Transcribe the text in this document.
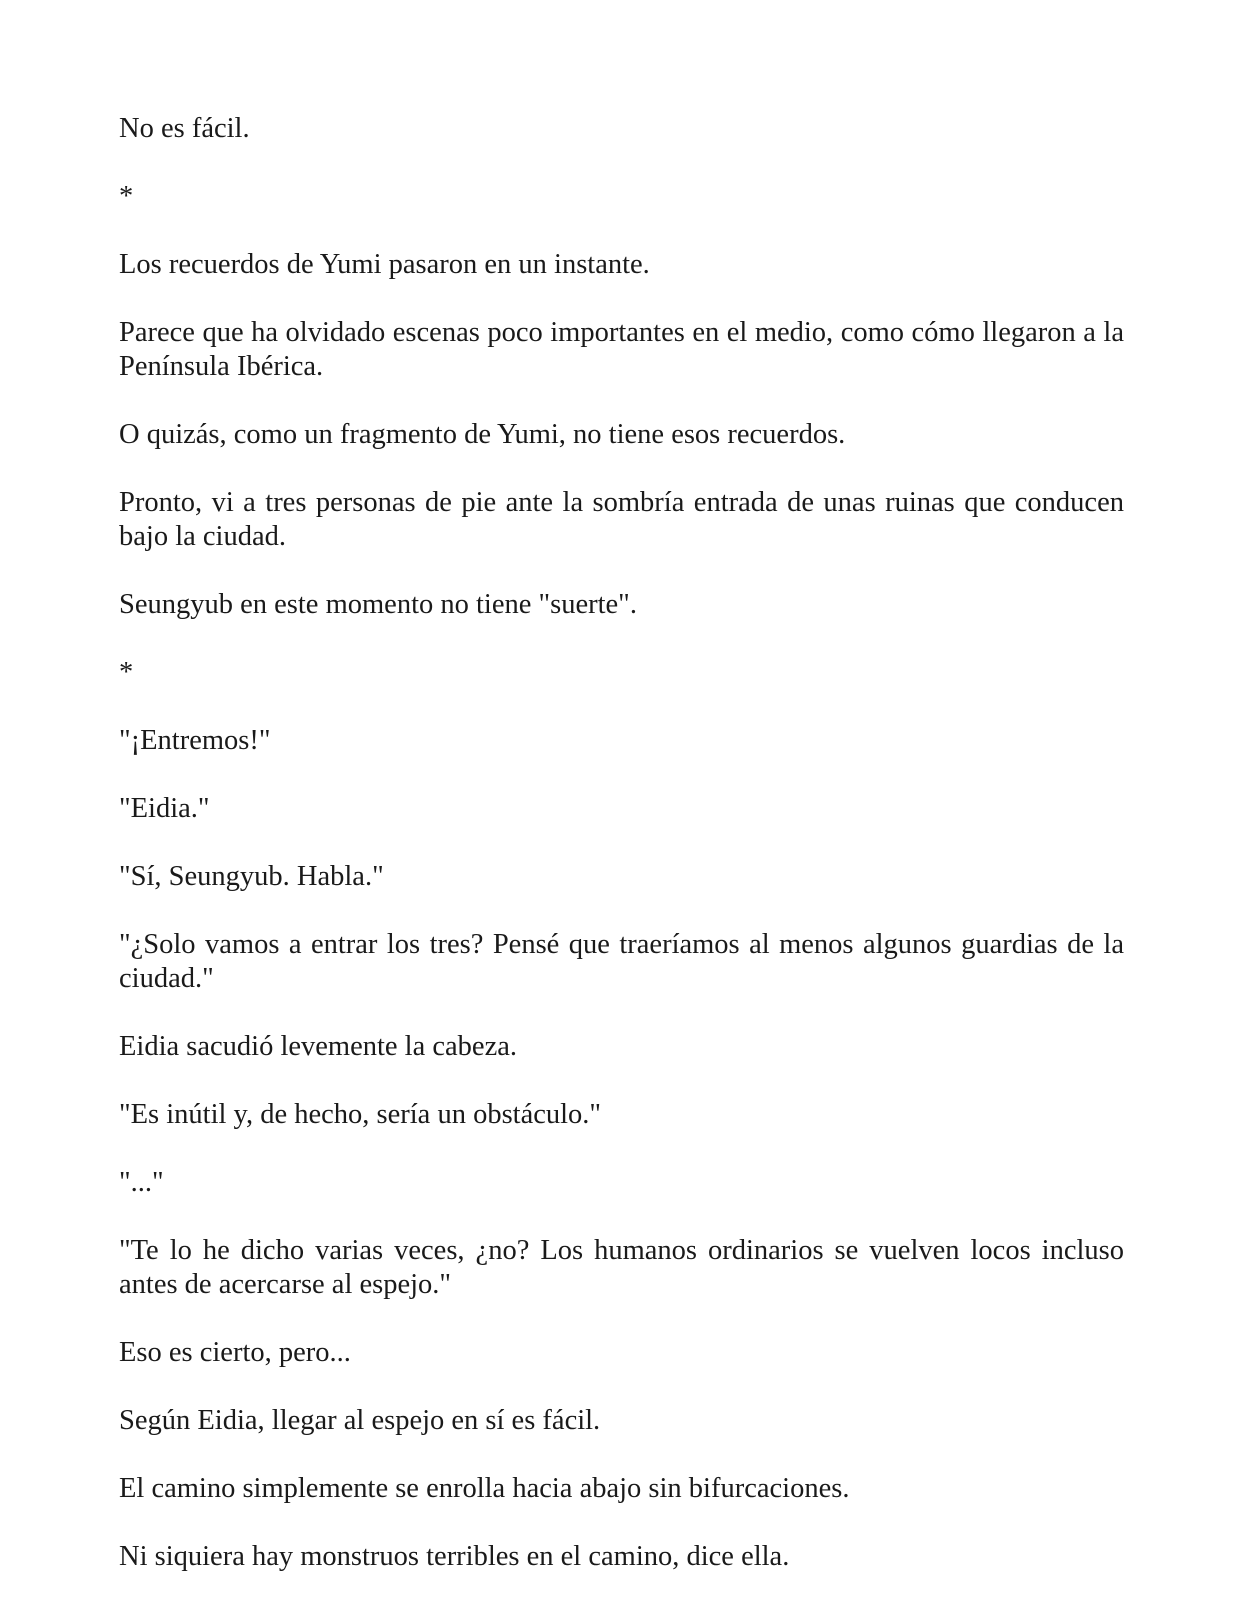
No es fácil.

*

Los recuerdos de Yumi pasaron en un instante.

Parece que ha olvidado escenas poco importantes en el medio, como cómo llegaron a la Península Ibérica.

O quizás, como un fragmento de Yumi, no tiene esos recuerdos.

Pronto, vi a tres personas de pie ante la sombría entrada de unas ruinas que conducen bajo la ciudad.

Seungyub en este momento no tiene "suerte".

*

"¡Entremos!"

"Eidia."

"Sí, Seungyub. Habla."

"¿Solo vamos a entrar los tres? Pensé que traeríamos al menos algunos guardias de la ciudad."

Eidia sacudió levemente la cabeza.

"Es inútil y, de hecho, sería un obstáculo."

"..."

"Te lo he dicho varias veces, ¿no? Los humanos ordinarios se vuelven locos incluso antes de acercarse al espejo."

Eso es cierto, pero...

Según Eidia, llegar al espejo en sí es fácil.

El camino simplemente se enrolla hacia abajo sin bifurcaciones.

Ni siquiera hay monstruos terribles en el camino, dice ella.
